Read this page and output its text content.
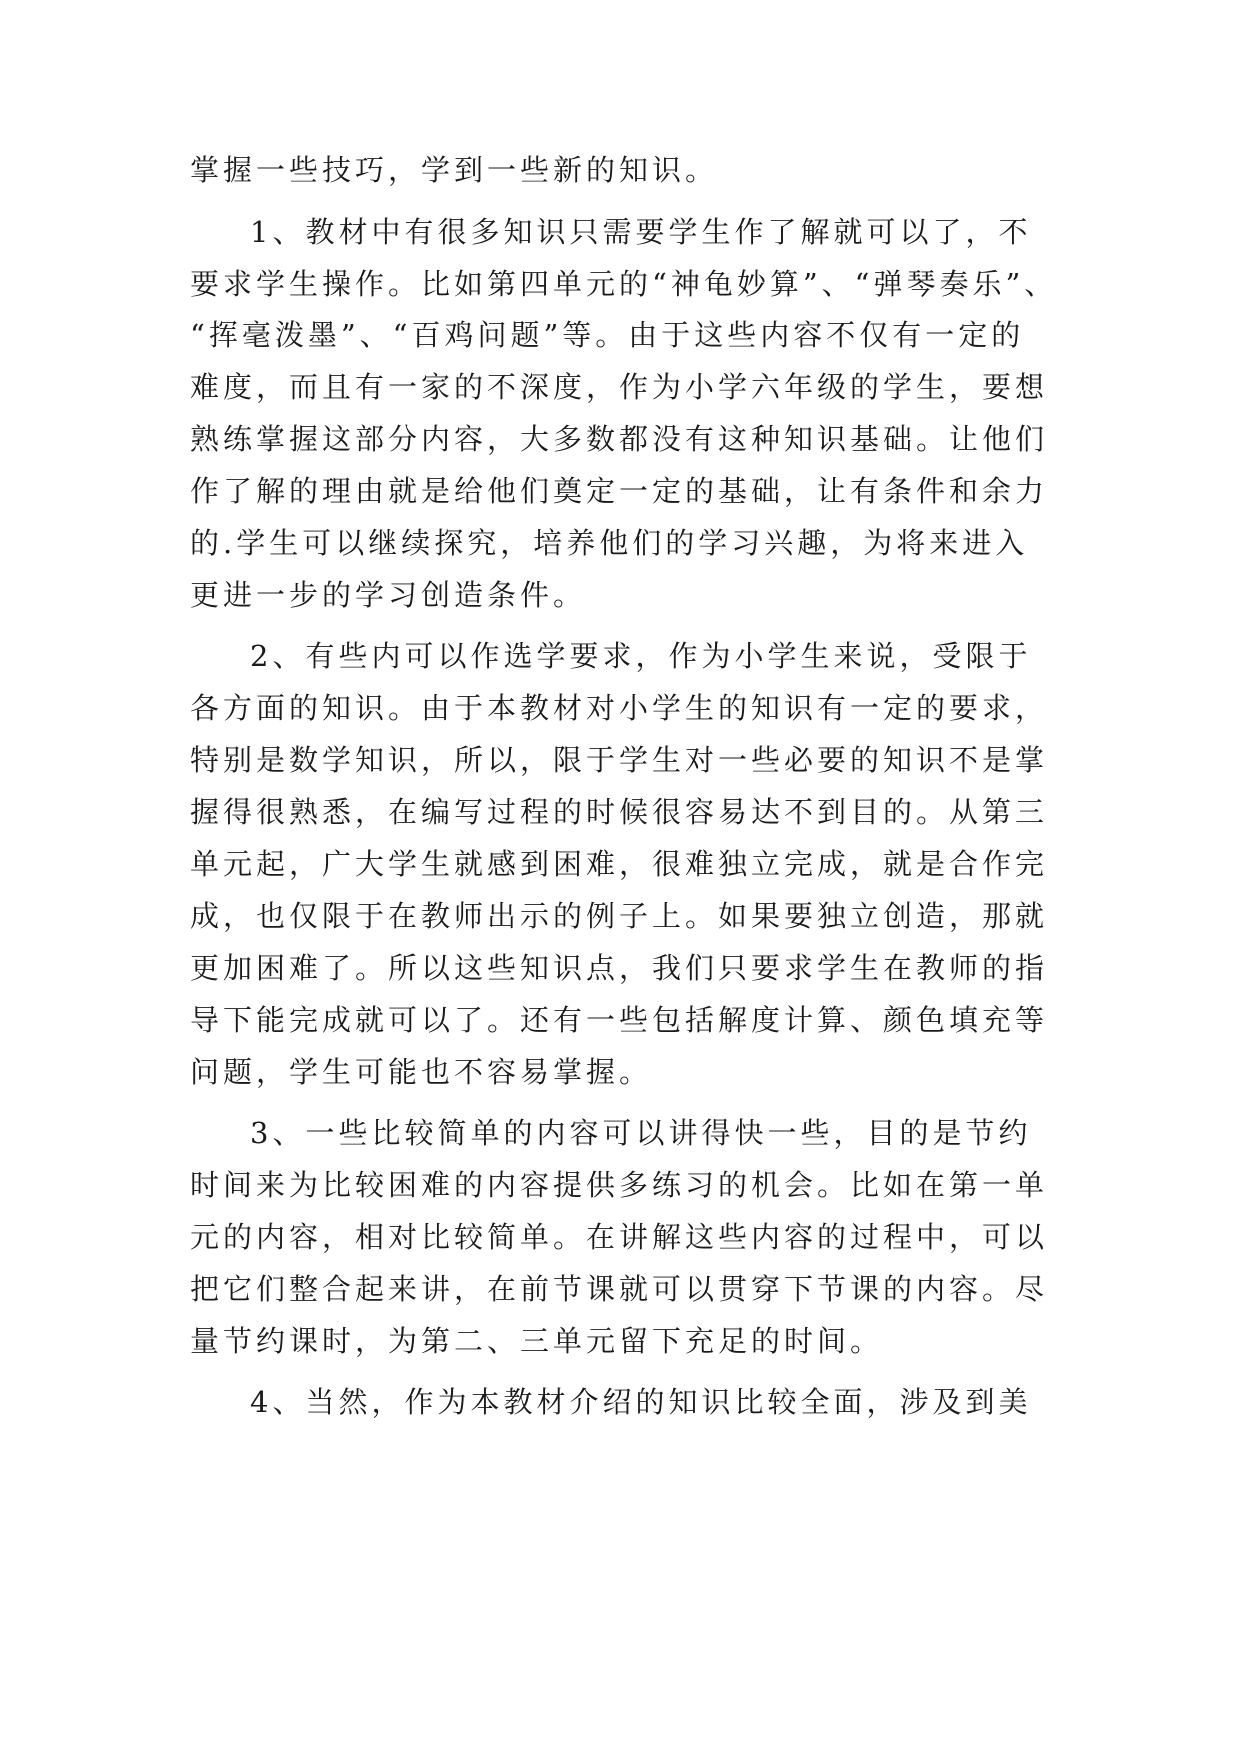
掌握一些技巧，学到一些新的知识。
1、教材中有很多知识只需要学生作了解就可以了，不
要求学生操作。比如第四单元的“神龟妙算”、“弹琴奏乐”、
“挥毫泼墨”、“百鸡问题”等。由于这些内容不仅有一定的
难度，而且有一家的不深度，作为小学六年级的学生，要想
熟练掌握这部分内容，大多数都没有这种知识基础。让他们
作了解的理由就是给他们奠定一定的基础，让有条件和余力
的.学生可以继续探究，培养他们的学习兴趣，为将来进入
更进一步的学习创造条件。
2、有些内可以作选学要求，作为小学生来说，受限于
各方面的知识。由于本教材对小学生的知识有一定的要求，
特别是数学知识，所以，限于学生对一些必要的知识不是掌
握得很熟悉，在编写过程的时候很容易达不到目的。从第三
单元起，广大学生就感到困难，很难独立完成，就是合作完
成，也仅限于在教师出示的例子上。如果要独立创造，那就
更加困难了。所以这些知识点，我们只要求学生在教师的指
导下能完成就可以了。还有一些包括解度计算、颜色填充等
问题，学生可能也不容易掌握。
3、一些比较简单的内容可以讲得快一些，目的是节约
时间来为比较困难的内容提供多练习的机会。比如在第一单
元的内容，相对比较简单。在讲解这些内容的过程中，可以
把它们整合起来讲，在前节课就可以贯穿下节课的内容。尽
量节约课时，为第二、三单元留下充足的时间。
4、当然，作为本教材介绍的知识比较全面，涉及到美
